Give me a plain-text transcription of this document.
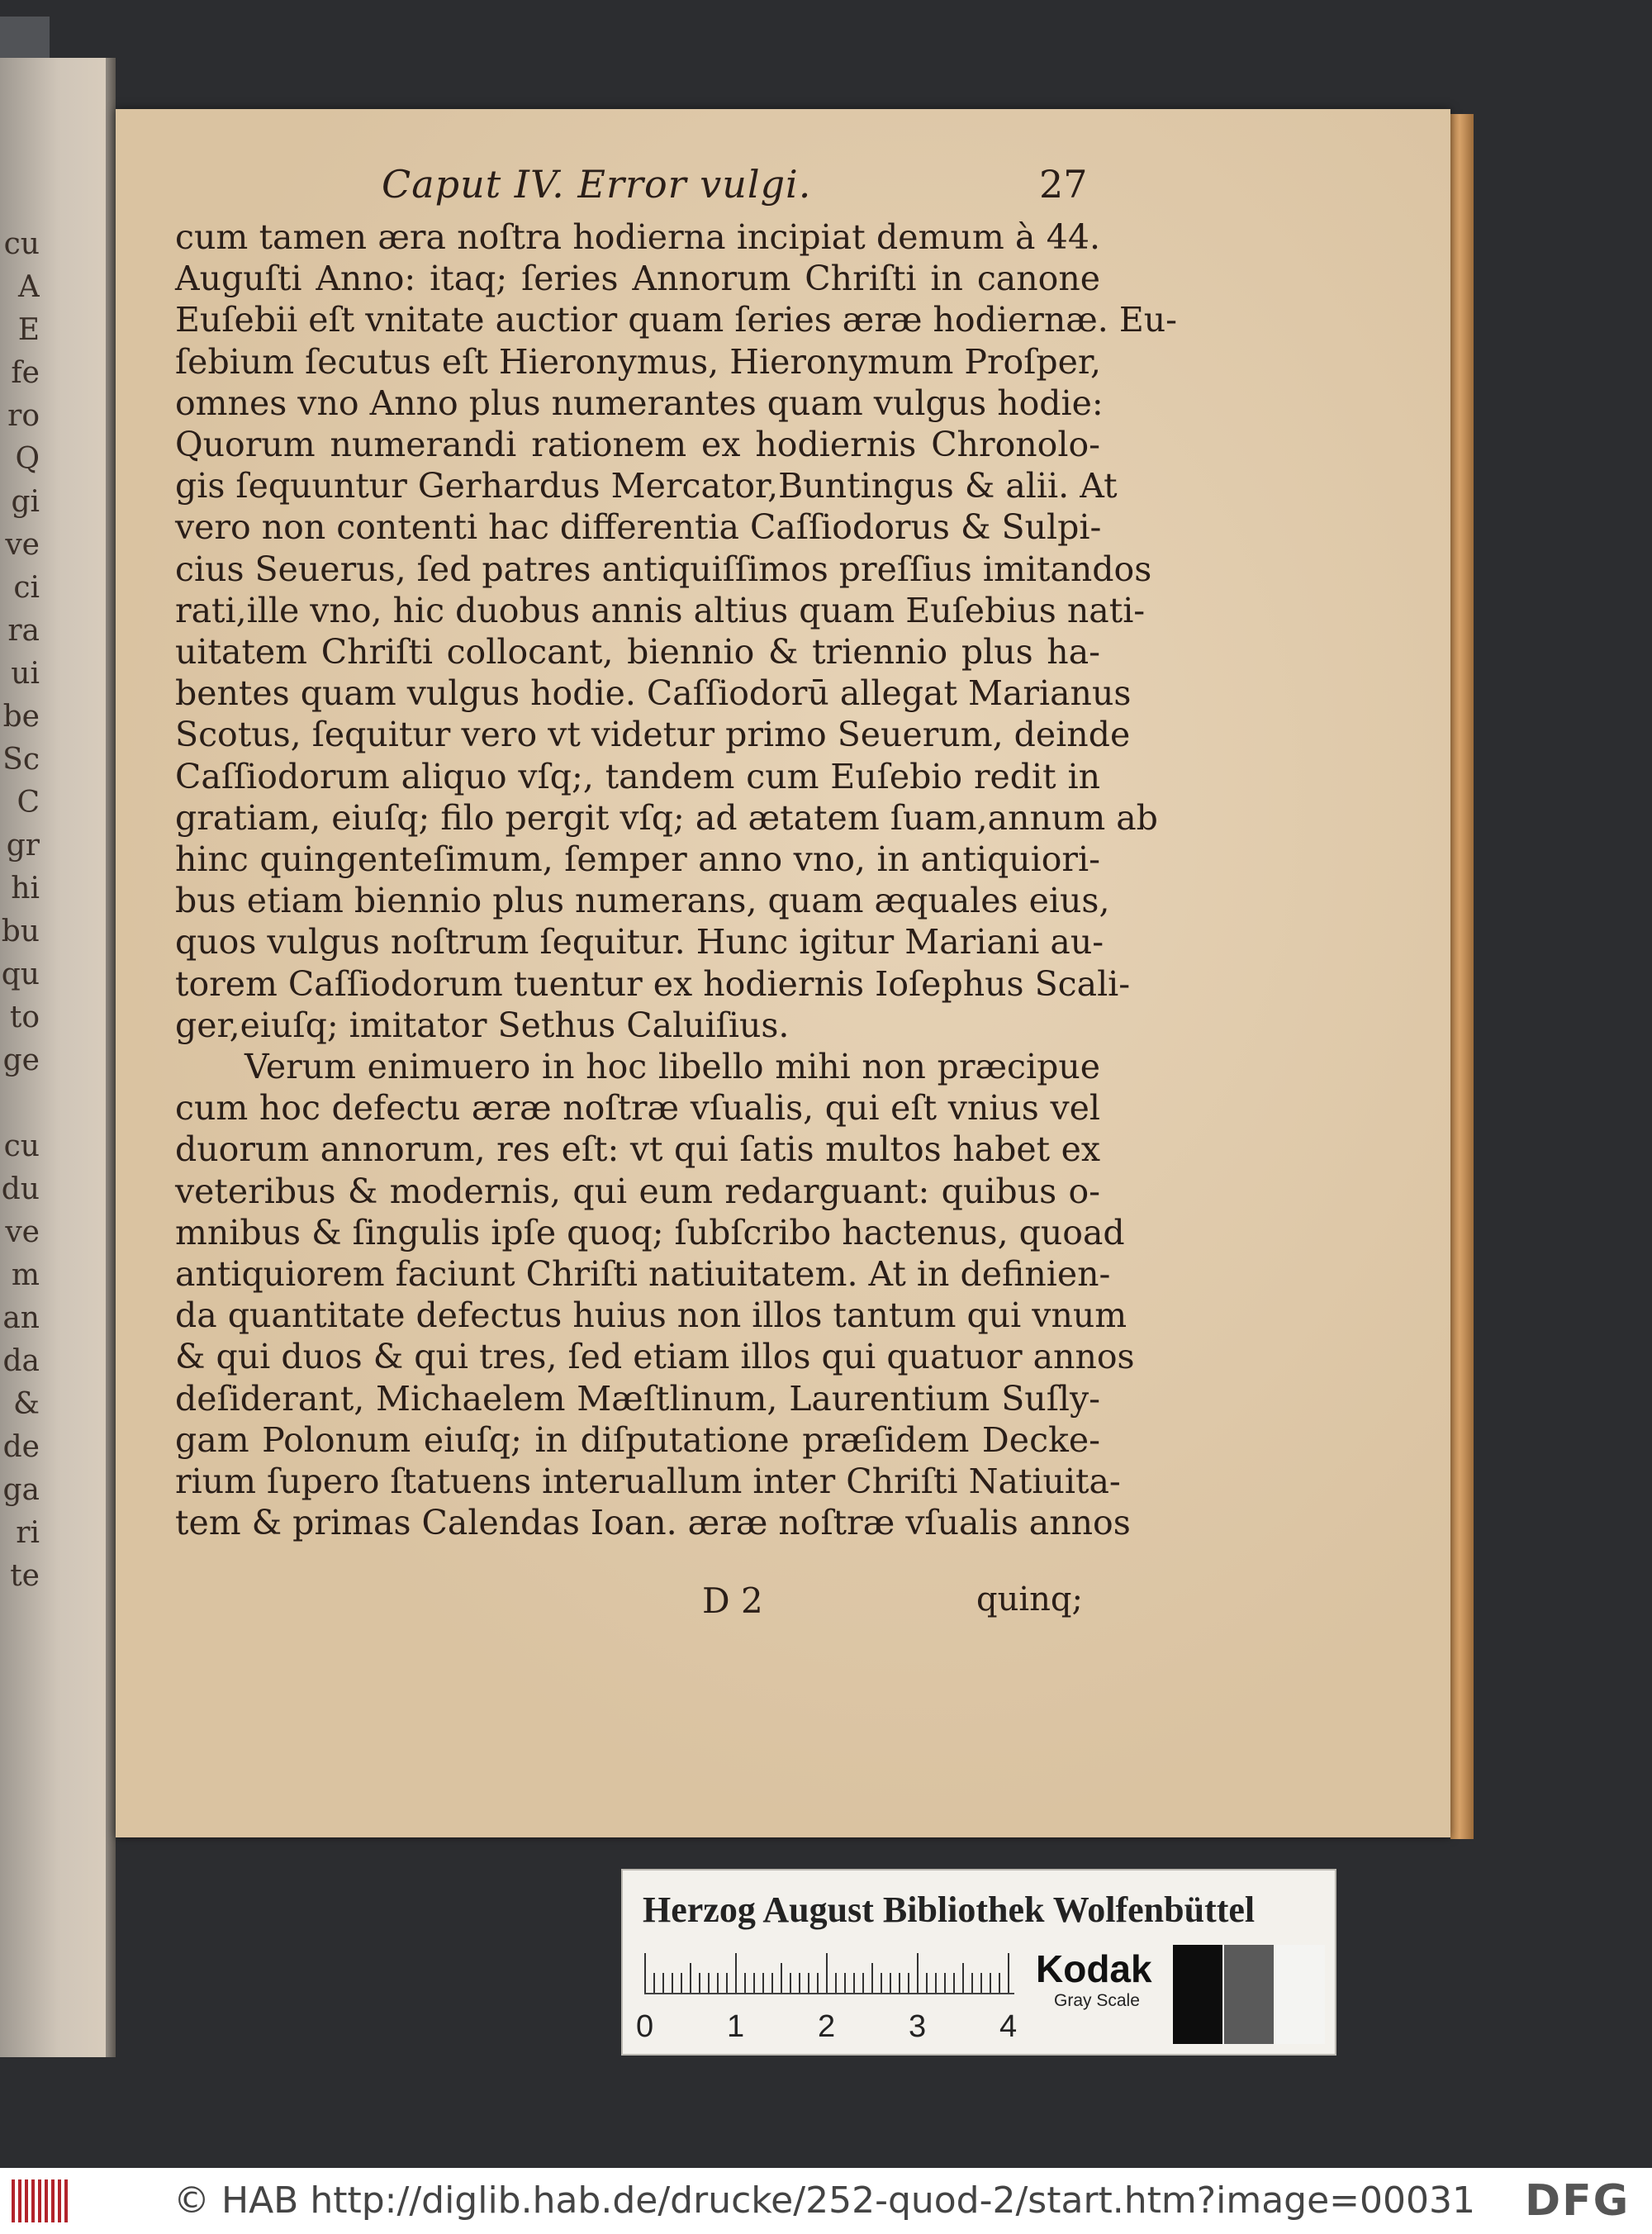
cu
A
E
fe
ro
Q
gi
ve
ci
ra
ui
be
Sc
C
gr
hi
bu
qu
to
ge

cu
du
ve
m
an
da
&
de
ga
ri
te
Caput IV. Error vulgi.	27
cum tamen æra noſtra hodierna incipiat demum à 44.
Auguſti Anno: itaq; ſeries Annorum Chriſti in canone
Euſebii eſt vnitate auctior quam ſeries æræ hodiernæ. Eu-
ſebium ſecutus eſt Hieronymus, Hieronymum Proſper,
omnes vno Anno plus numerantes quam vulgus hodie:
Quorum numerandi rationem ex hodiernis Chronolo-
gis ſequuntur Gerhardus Mercator,Buntingus & alii. At
vero non contenti hac differentia Caſſiodorus & Sulpi-
cius Seuerus, ſed patres antiquiſſimos preſſius imitandos
rati,ille vno, hic duobus annis altius quam Euſebius nati-
uitatem Chriſti collocant, biennio & triennio plus ha-
bentes quam vulgus hodie. Caſſiodorū allegat Marianus
Scotus, ſequitur vero vt videtur primo Seuerum, deinde
Caſſiodorum aliquo vſq;, tandem cum Euſebio redit in
gratiam, eiuſq; filo pergit vſq; ad ætatem ſuam,annum ab
hinc quingenteſimum, ſemper anno vno, in antiquiori-
bus etiam biennio plus numerans, quam æquales eius,
quos vulgus noſtrum ſequitur. Hunc igitur Mariani au-
torem Caſſiodorum tuentur ex hodiernis Ioſephus Scali-
ger,eiuſq; imitator Sethus Caluiſius.
Verum enimuero in hoc libello mihi non præcipue
cum hoc defectu æræ noſtræ vſualis, qui eſt vnius vel
duorum annorum, res eſt: vt qui ſatis multos habet ex
veteribus & modernis, qui eum redarguant: quibus o-
mnibus & ſingulis ipſe quoq; ſubſcribo hactenus, quoad
antiquiorem faciunt Chriſti natiuitatem. At in definien-
da quantitate defectus huius non illos tantum qui vnum
& qui duos & qui tres, ſed etiam illos qui quatuor annos
deſiderant, Michaelem Mæſtlinum, Laurentium Suſly-
gam Polonum eiuſq; in diſputatione præſidem Decke-
rium ſupero ſtatuens interuallum inter Chriſti Natiuita-
tem & primas Calendas Ioan. æræ noſtræ vſualis annos
D 2	quinq;
Herzog August Bibliothek Wolfenbüttel
0 1 2 3 4
Kodak
Gray Scale
© HAB http://diglib.hab.de/drucke/252-quod-2/start.htm?image=00031 DFG
